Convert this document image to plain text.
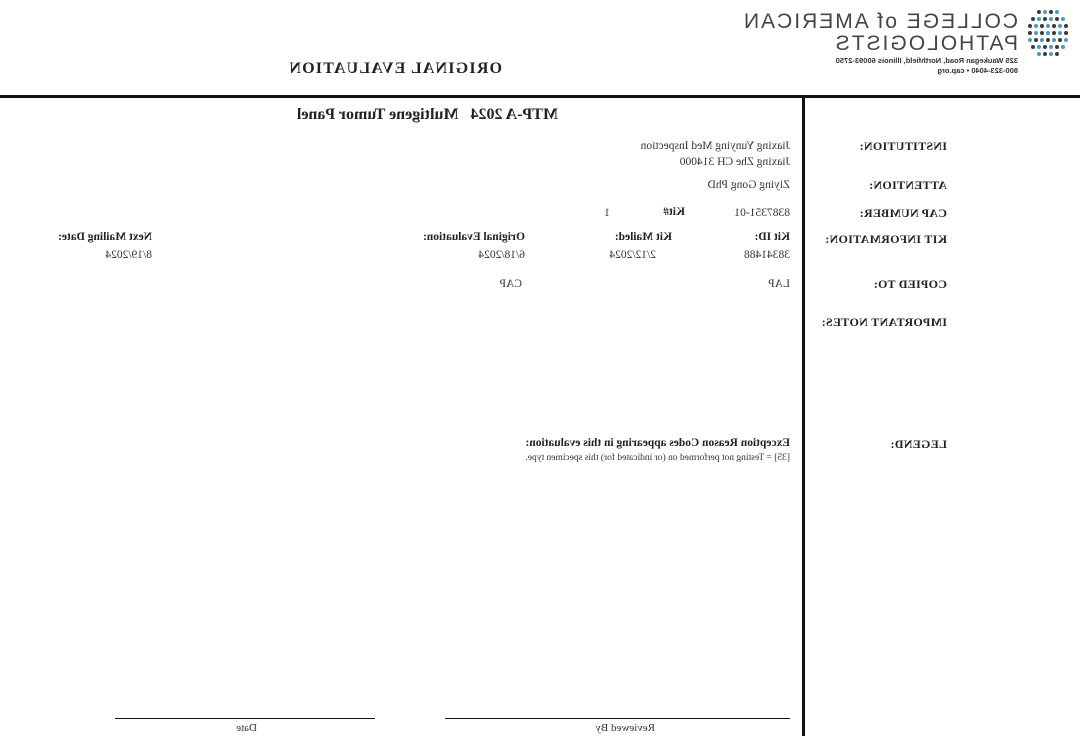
COLLEGE of AMERICAN
PATHOLOGISTS
325 Waukegan Road, Northfield, Illinois 60093-2750
800-323-4040 • cap.org
ORIGINAL EVALUATION
MTP-A 2024   Multigene Tumor Panel
INSTITUTION:
ATTENTION:
CAP NUMBER:
KIT INFORMATION:
COPIED TO:
IMPORTANT NOTES:
LEGEND:
Jiaxing Yunying Med Inspection
Jiaxing Zhe CH 314000
Ziying Gong PhD
8387351-01
Kit#
1
Kit ID:
38341488
Kit Mailed:
2/12/2024
Original Evaluation:
6/18/2024
Next Mailing Date:
8/19/2024
LAP
CAP
Exception Reason Codes appearing in this evaluation:
[35] = Testing not performed on (or indicated for) this specimen type.
Reviewed By
Date
